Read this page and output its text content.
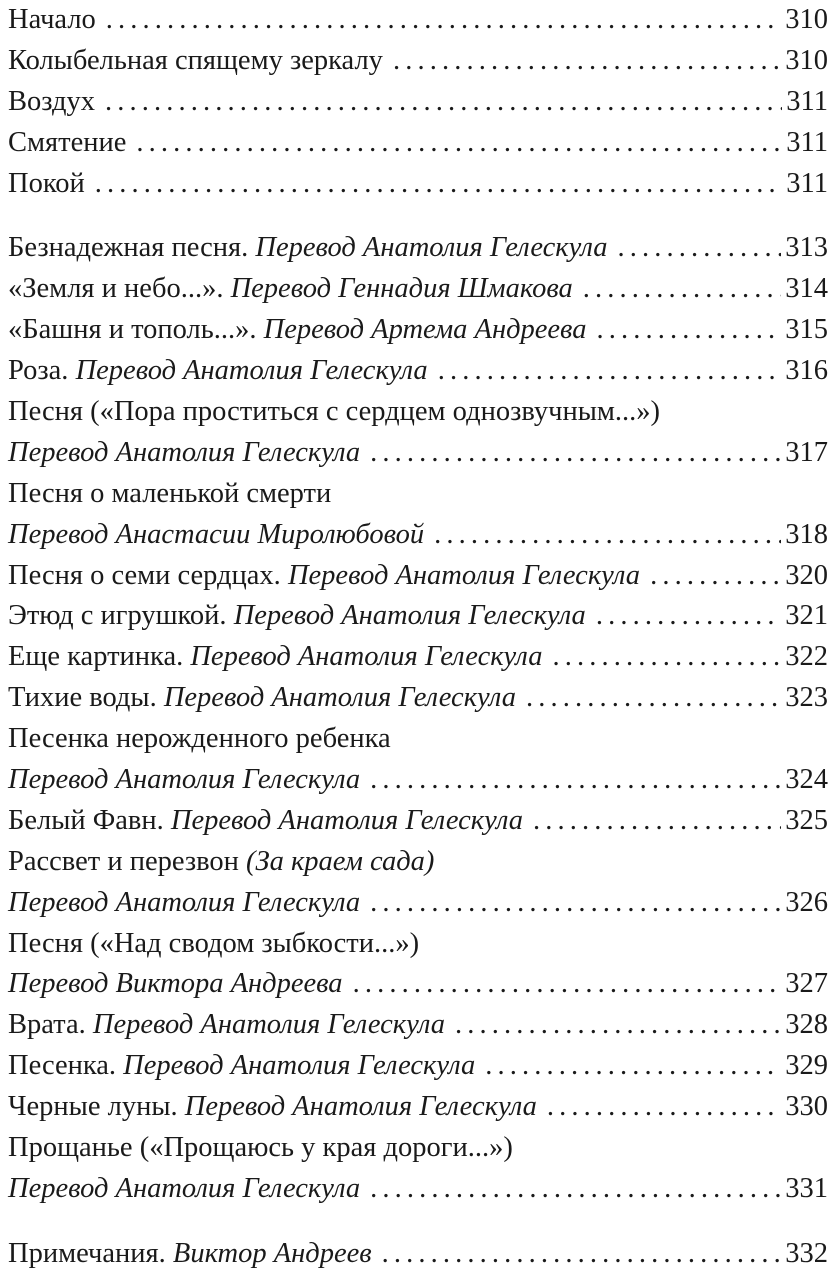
Начало . . .	310
Колыбельная спящему зеркалу . . .	310
Воздух . . .	311
Смятение . . .	311
Покой . . .	311
Безнадежная песня. Перевод Анатолия Гелескула . . .	313
«Земля и небо...». Перевод Геннадия Шмакова . . .	314
«Башня и тополь...». Перевод Артема Андреева . . .	315
Роза. Перевод Анатолия Гелескула . . .	316
Песня («Пора проститься с сердцем однозвучным...»)
Перевод Анатолия Гелескула . . .	317
Песня о маленькой смерти
Перевод Анастасии Миролюбовой . . .	318
Песня о семи сердцах. Перевод Анатолия Гелескула . . .	320
Этюд с игрушкой. Перевод Анатолия Гелескула . . .	321
Еще картинка. Перевод Анатолия Гелескула . . .	322
Тихие воды. Перевод Анатолия Гелескула . . .	323
Песенка нерожденного ребенка
Перевод Анатолия Гелескула . . .	324
Белый Фавн. Перевод Анатолия Гелескула . . .	325
Рассвет и перезвон (За краем сада)
Перевод Анатолия Гелескула . . .	326
Песня («Над сводом зыбкости...»)
Перевод Виктора Андреева . . .	327
Врата. Перевод Анатолия Гелескула . . .	328
Песенка. Перевод Анатолия Гелескула . . .	329
Черные луны. Перевод Анатолия Гелескула . . .	330
Прощанье («Прощаюсь у края дороги...»)
Перевод Анатолия Гелескула . . .	331
Примечания. Виктор Андреев . . .	332
